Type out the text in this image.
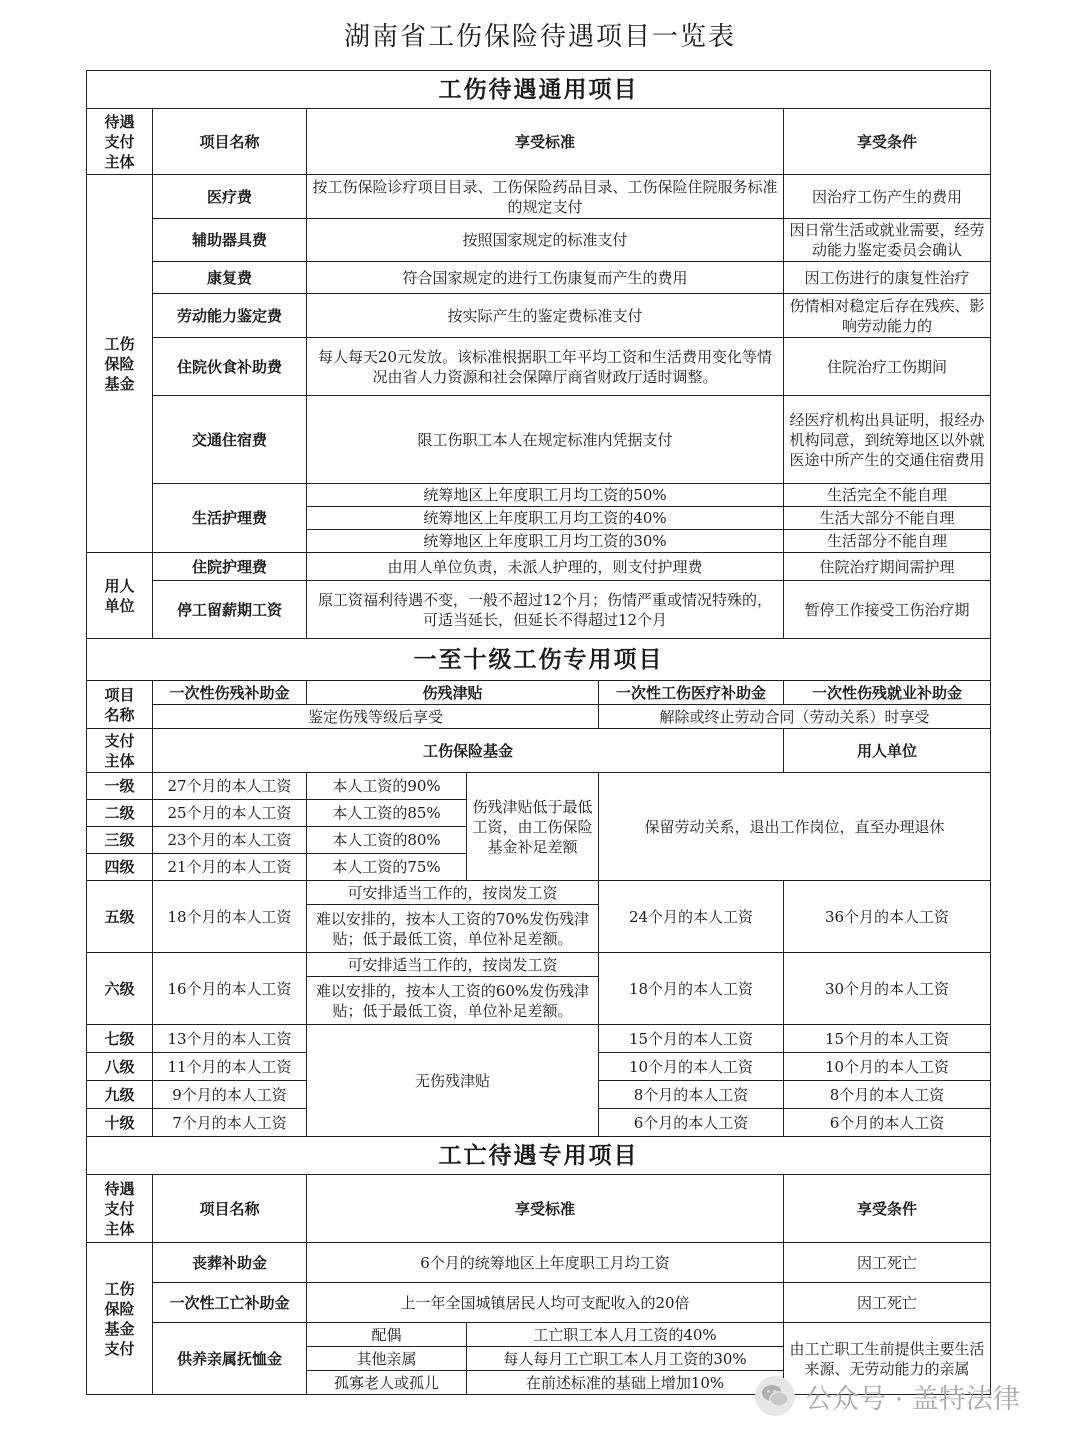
湖南省工伤保险待遇项目一览表
工伤待遇通用项目					
待遇
支付
主体	项目名称	享受标准			享受条件
工伤
保险
基金	医疗费	按工伤保险诊疗项目目录、工伤保险药品目录、工伤保险住院服务标准的规定支付			因治疗工伤产生的费用
	辅助器具费	按照国家规定的标准支付			因日常生活或就业需要，经劳动能力鉴定委员会确认
	康复费	符合国家规定的进行工伤康复而产生的费用			因工伤进行的康复性治疗
	劳动能力鉴定费	按实际产生的鉴定费标准支付			伤情相对稳定后存在残疾、影响劳动能力的
	住院伙食补助费	每人每天20元发放。该标准根据职工年平均工资和生活费用变化等情况由省人力资源和社会保障厅商省财政厅适时调整。			住院治疗工伤期间
	交通住宿费	限工伤职工本人在规定标准内凭据支付			经医疗机构出具证明，报经办机构同意，到统筹地区以外就医途中所产生的交通住宿费用
	生活护理费	统筹地区上年度职工月均工资的50%			生活完全不能自理
		统筹地区上年度职工月均工资的40%			生活大部分不能自理
		统筹地区上年度职工月均工资的30%			生活部分不能自理
用人
单位	住院护理费	由用人单位负责，未派人护理的，则支付护理费			住院治疗期间需护理
	停工留薪期工资	原工资福利待遇不变，一般不超过12个月；伤情严重或情况特殊的，可适当延长，但延长不得超过12个月			暂停工作接受工伤治疗期
一至十级工伤专用项目					
项目
名称	一次性伤残补助金	伤残津贴		一次性工伤医疗补助金	一次性伤残就业补助金
	鉴定伤残等级后享受			解除或终止劳动合同（劳动关系）时享受	
支付
主体	工伤保险基金				用人单位
一级	27个月的本人工资	本人工资的90%	伤残津贴低于最低工资，由工伤保险基金补足差额	保留劳动关系，退出工作岗位，直至办理退休	
二级	25个月的本人工资	本人工资的85%			
三级	23个月的本人工资	本人工资的80%			
四级	21个月的本人工资	本人工资的75%			
五级	18个月的本人工资	可安排适当工作的，按岗发工资		24个月的本人工资	36个月的本人工资
		难以安排的，按本人工资的70%发伤残津贴；低于最低工资，单位补足差额。			
六级	16个月的本人工资	可安排适当工作的，按岗发工资		18个月的本人工资	30个月的本人工资
		难以安排的，按本人工资的60%发伤残津贴；低于最低工资，单位补足差额。			
七级	13个月的本人工资	无伤残津贴		15个月的本人工资	15个月的本人工资
八级	11个月的本人工资			10个月的本人工资	10个月的本人工资
九级	9个月的本人工资			8个月的本人工资	8个月的本人工资
十级	7个月的本人工资			6个月的本人工资	6个月的本人工资
工亡待遇专用项目					
待遇
支付
主体	项目名称	享受标准			享受条件
工伤
保险
基金
支付	丧葬补助金	6个月的统筹地区上年度职工月均工资			因工死亡
	一次性工亡补助金	上一年全国城镇居民人均可支配收入的20倍			因工死亡
	供养亲属抚恤金	配偶	工亡职工本人月工资的40%		由工亡职工生前提供主要生活来源、无劳动能力的亲属
		其他亲属	每人每月工亡职工本人月工资的30%		
		孤寡老人或孤儿	在前述标准的基础上增加10%		
公众号 · 盖特法律
